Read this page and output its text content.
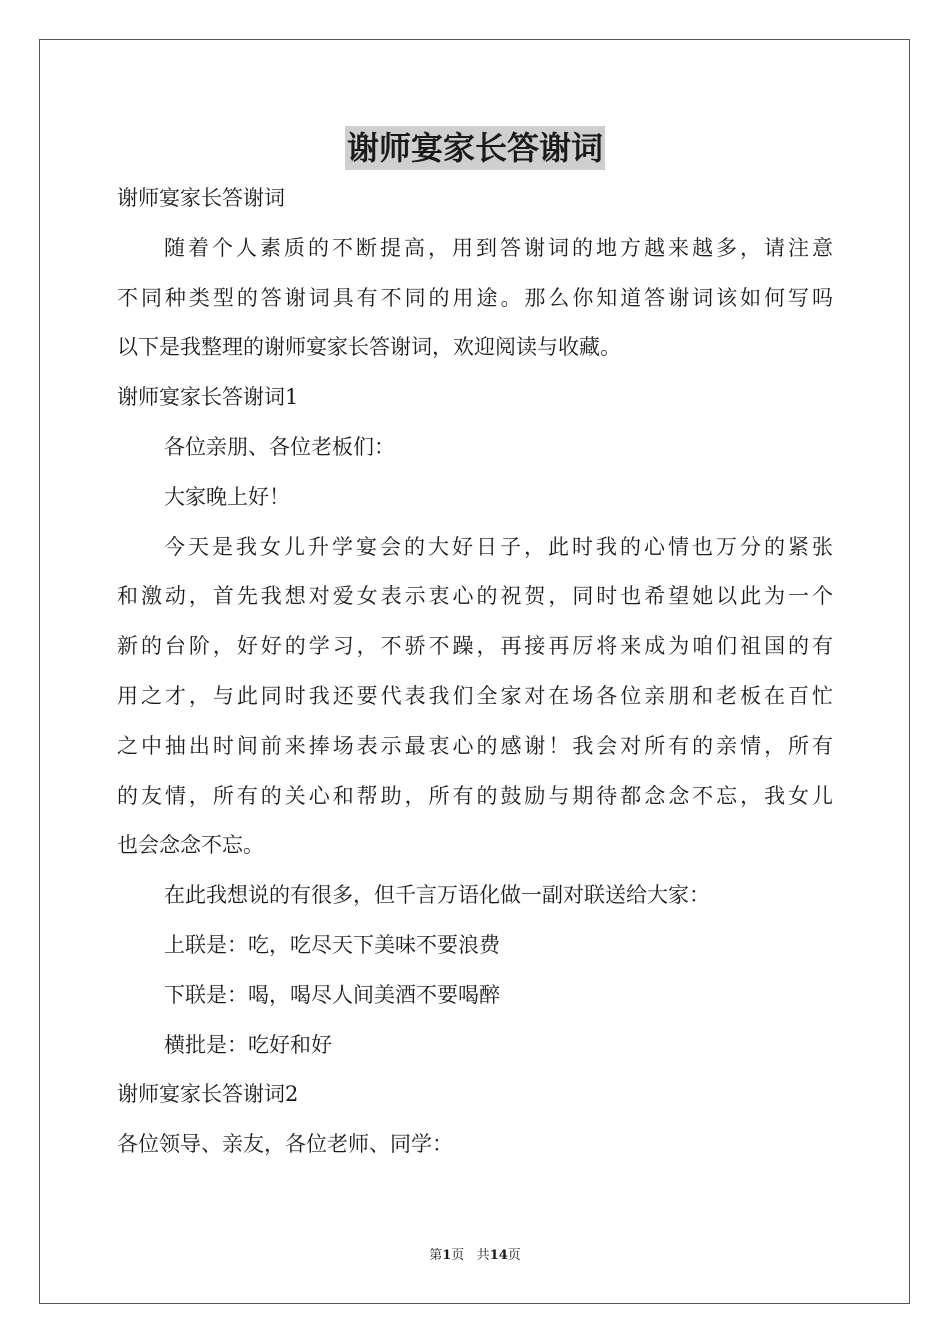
谢师宴家长答谢词
谢师宴家长答谢词
随着个人素质的不断提高，用到答谢词的地方越来越多，请注意
不同种类型的答谢词具有不同的用途。那么你知道答谢词该如何写吗
以下是我整理的谢师宴家长答谢词，欢迎阅读与收藏。
谢师宴家长答谢词1
各位亲朋、各位老板们：
大家晚上好！
今天是我女儿升学宴会的大好日子，此时我的心情也万分的紧张
和激动，首先我想对爱女表示衷心的祝贺，同时也希望她以此为一个
新的台阶，好好的学习，不骄不躁，再接再厉将来成为咱们祖国的有
用之才，与此同时我还要代表我们全家对在场各位亲朋和老板在百忙
之中抽出时间前来捧场表示最衷心的感谢！我会对所有的亲情，所有
的友情，所有的关心和帮助，所有的鼓励与期待都念念不忘，我女儿
也会念念不忘。
在此我想说的有很多，但千言万语化做一副对联送给大家：
上联是：吃，吃尽天下美味不要浪费
下联是：喝，喝尽人间美酒不要喝醉
横批是：吃好和好
谢师宴家长答谢词2
各位领导、亲友，各位老师、同学：
第1页 共14页
